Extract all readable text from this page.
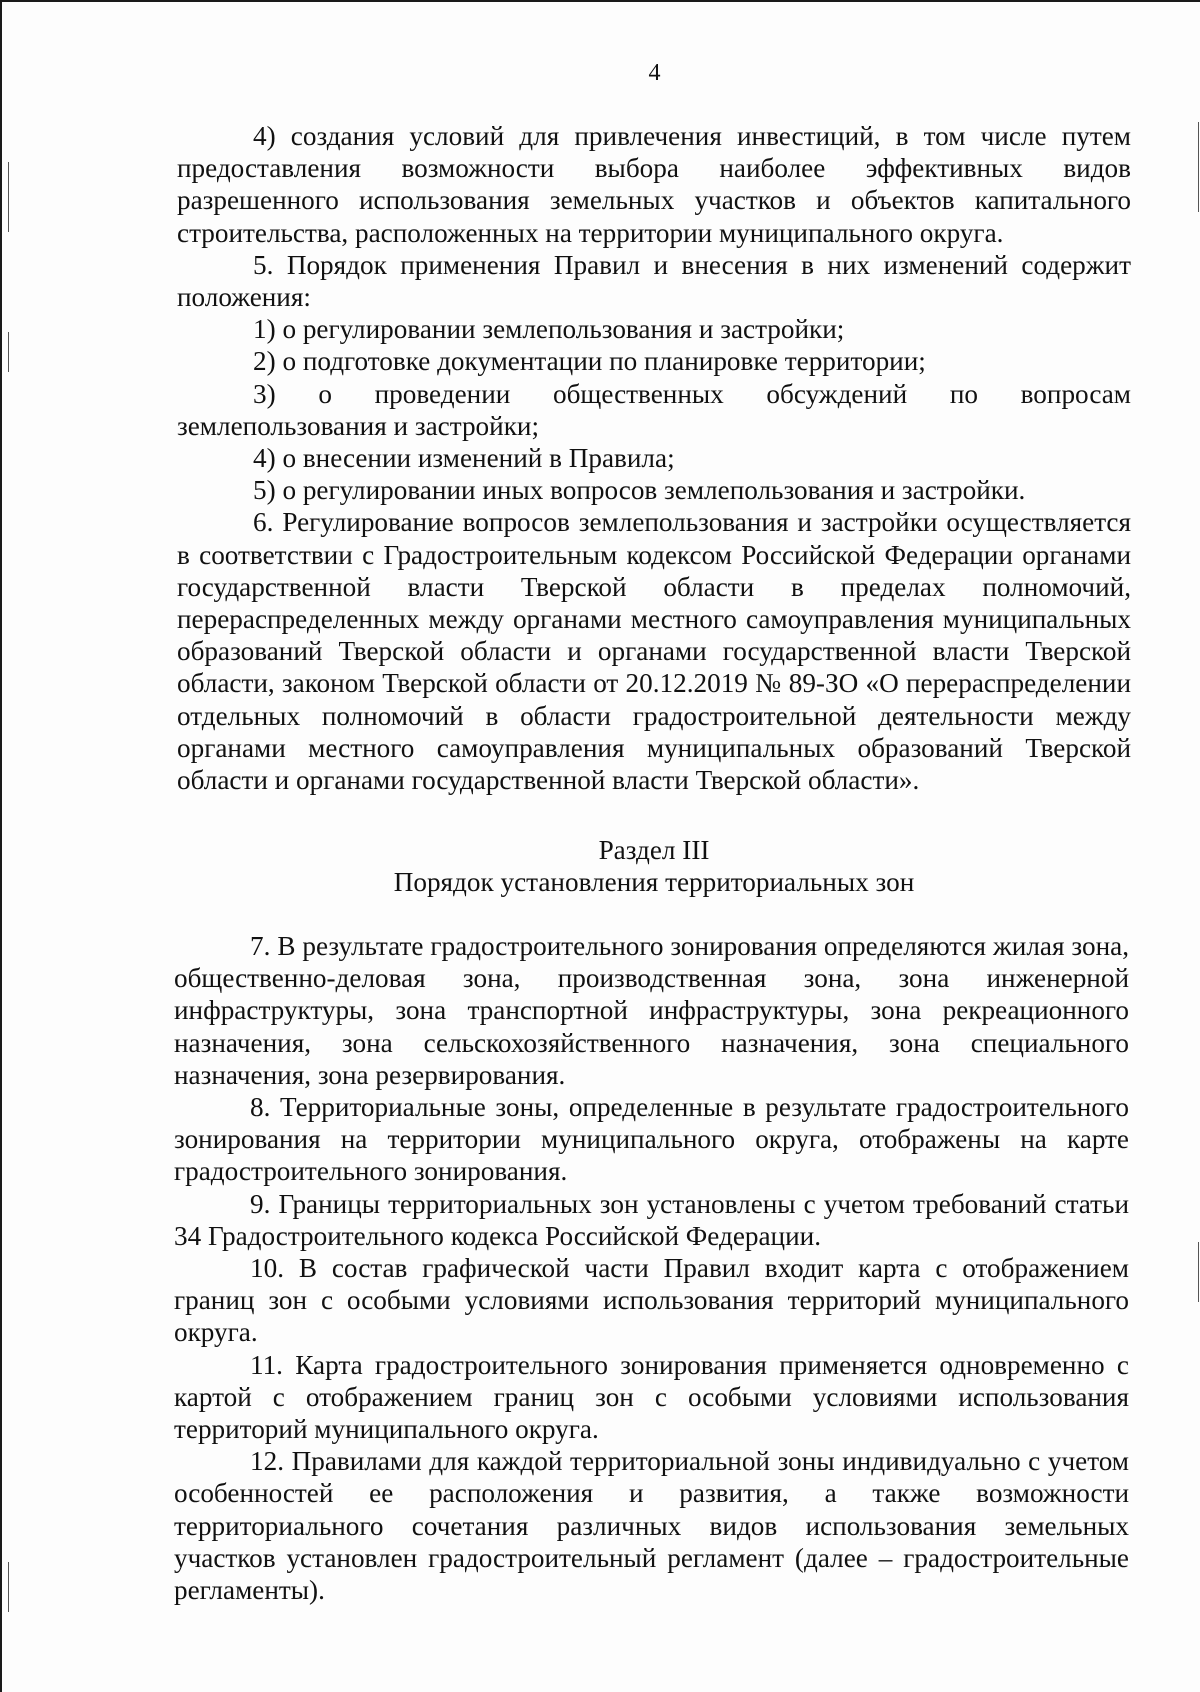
4

4) создания условий для привлечения инвестиций, в том числе путем предоставления возможности выбора наиболее эффективных видов разрешенного использования земельных участков и объектов капитального строительства, расположенных на территории муниципального округа.

5. Порядок применения Правил и внесения в них изменений содержит положения:

1) о регулировании землепользования и застройки;

2) о подготовке документации по планировке территории;

3) о проведении общественных обсуждений по вопросам землепользования и застройки;

4) о внесении изменений в Правила;

5) о регулировании иных вопросов землепользования и застройки.

6. Регулирование вопросов землепользования и застройки осуществляется в соответствии с Градостроительным кодексом Российской Федерации органами государственной власти Тверской области в пределах полномочий, перераспределенных между органами местного самоуправления муниципальных образований Тверской области и органами государственной власти Тверской области, законом Тверской области от 20.12.2019 № 89-ЗО «О перераспределении отдельных полномочий в области градостроительной деятельности между органами местного самоуправления муниципальных образований Тверской области и органами государственной власти Тверской области».

Раздел III

Порядок установления территориальных зон

7. В результате градостроительного зонирования определяются жилая зона, общественно-деловая зона, производственная зона, зона инженерной инфраструктуры, зона транспортной инфраструктуры, зона рекреационного назначения, зона сельскохозяйственного назначения, зона специального назначения, зона резервирования.

8. Территориальные зоны, определенные в результате градостроительного зонирования на территории муниципального округа, отображены на карте градостроительного зонирования.

9. Границы территориальных зон установлены с учетом требований статьи 34 Градостроительного кодекса Российской Федерации.

10. В состав графической части Правил входит карта с отображением границ зон с особыми условиями использования территорий муниципального округа.

11. Карта градостроительного зонирования применяется одновременно с картой с отображением границ зон с особыми условиями использования территорий муниципального округа.

12. Правилами для каждой территориальной зоны индивидуально с учетом особенностей ее расположения и развития, а также возможности территориального сочетания различных видов использования земельных участков установлен градостроительный регламент (далее – градостроительные регламенты).
